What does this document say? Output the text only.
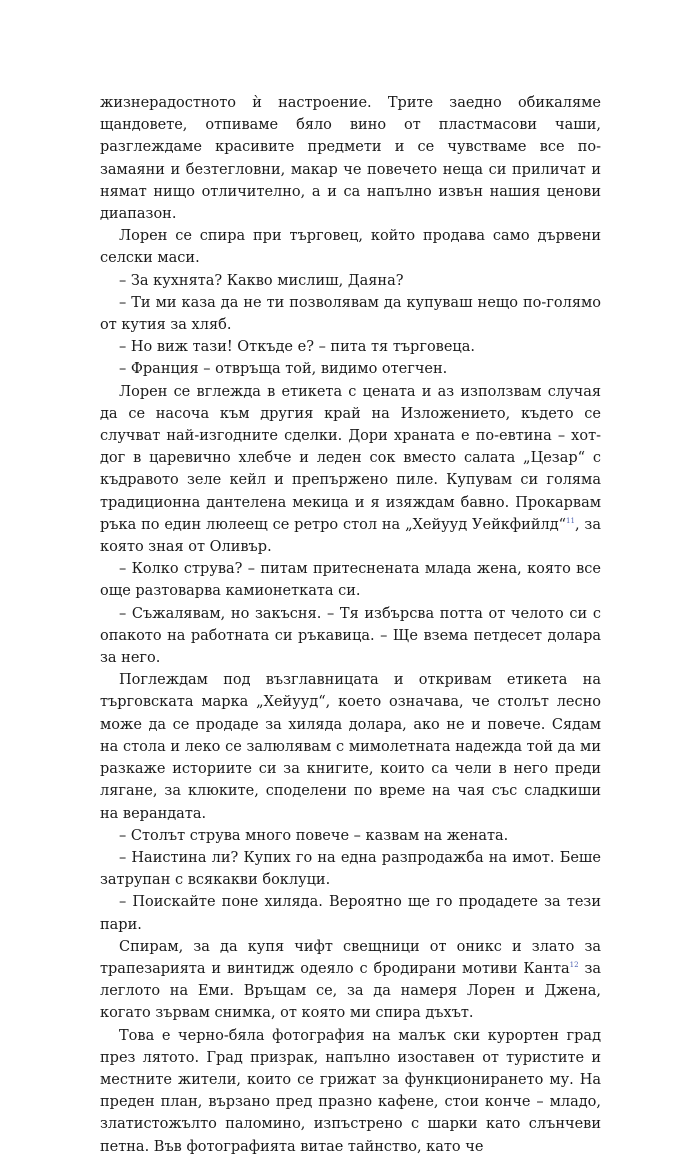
жизнерадостното ѝ настроение. Трите заедно обикаляме щандовете, отпиваме бяло вино от пластмасови чаши, разглеждаме красивите предмети и се чувстваме все по-замаяни и безтегловни, макар че повечето неща си приличат и нямат нищо отличително, а и са напълно извън нашия ценови диапазон.

Лорен се спира при търговец, който продава само дървени селски маси.

– За кухнята? Какво мислиш, Даяна?

– Ти ми каза да не ти позволявам да купуваш нещо по-голямо от кутия за хляб.

– Но виж тази! Откъде е? – пита тя търговеца.

– Франция – отвръща той, видимо отегчен.

Лорен се вглежда в етикета с цената и аз използвам случая да се насоча към другия край на Изложението, където се случват най-изгодните сделки. Дори храната е по-евтина – хот-дог в царевично хлебче и леден сок вместо салата „Цезар“ с къдравото зеле кейл и препържено пиле. Купувам си голяма традиционна дантелена мекица и я изяждам бавно. Прокарвам ръка по един люлеещ се ретро стол на „Хейууд Уейкфийлд“$^{11}$, за която зная от Оливър.

– Колко струва? – питам притеснената млада жена, която все още разтоварва камионетката си.

– Съжалявам, но закъсня. – Тя избърсва потта от челото си с опакото на работната си ръкавица. – Ще взема петдесет долара за него.

Поглеждам под възглавницата и откривам етикета на търговската марка „Хейууд“, което означава, че столът лесно може да се продаде за хиляда долара, ако не и повече. Сядам на стола и леко се залюлявам с мимолетната надежда той да ми разкаже историите си за книгите, които са чели в него преди лягане, за клюките, споделени по време на чая със сладкиши на верандата.

– Столът струва много повече – казвам на жената.

– Наистина ли? Купих го на една разпродажба на имот. Беше затрупан с всякакви боклуци.

– Поискайте поне хиляда. Вероятно ще го продадете за тези пари.

Спирам, за да купя чифт свещници от оникс и злато за трапезарията и винтидж одеяло с бродирани мотиви Канта$^{12}$ за леглото на Еми. Връщам се, за да намеря Лорен и Джена, когато зървам снимка, от която ми спира дъхът.

Това е черно-бяла фотография на малък ски курортен град през лятото. Град призрак, напълно изоставен от туристите и местните жители, които се грижат за функционирането му. На преден план, вързано пред празно кафене, стои конче – младо, златистожълто паломино, изпъстрено с шарки като слънчеви петна. Във фотографията витае тайнство, като че
